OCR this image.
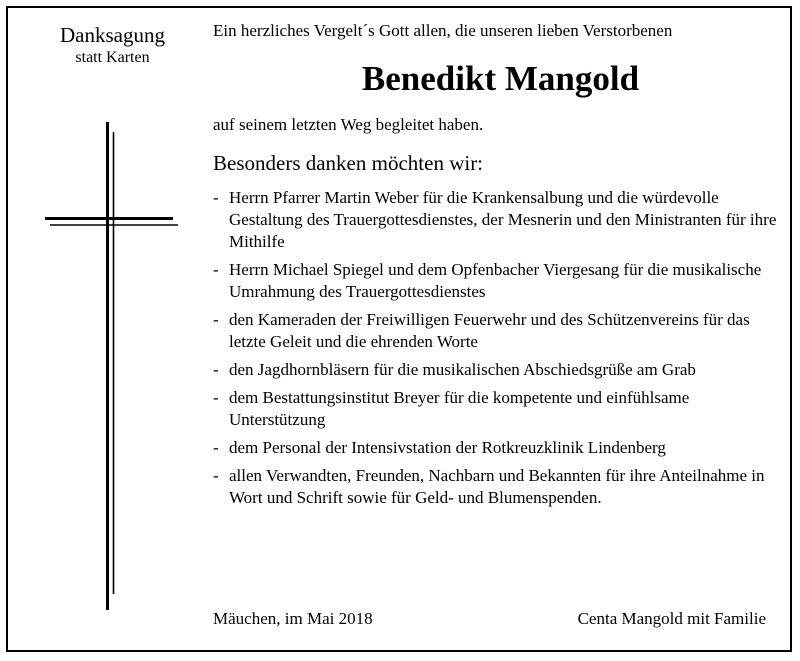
Danksagung
statt Karten
Ein herzliches Vergelt´s Gott allen, die unseren lieben Verstorbenen
Benedikt Mangold
auf seinem letzten Weg begleitet haben.
Besonders danken möchten wir:
- Herrn Pfarrer Martin Weber für die Krankensalbung und die würdevolle Gestaltung des Trauergottesdienstes, der Mesnerin und den Ministranten für ihre Mithilfe
- Herrn Michael Spiegel und dem Opfenbacher Viergesang für die musikalische Umrahmung des Trauergottesdienstes
- den Kameraden der Freiwilligen Feuerwehr und des Schützenvereins für das letzte Geleit und die ehrenden Worte
- den Jagdhornbläsern für die musikalischen Abschiedsgrüße am Grab
- dem Bestattungsinstitut Breyer für die kompetente und einfühlsame Unterstützung
- dem Personal der Intensivstation der Rotkreuzklinik Lindenberg
- allen Verwandten, Freunden, Nachbarn und Bekannten für ihre Anteilnahme in Wort und Schrift sowie für Geld- und Blumenspenden.
Mäuchen, im Mai 2018	Centa Mangold mit Familie
